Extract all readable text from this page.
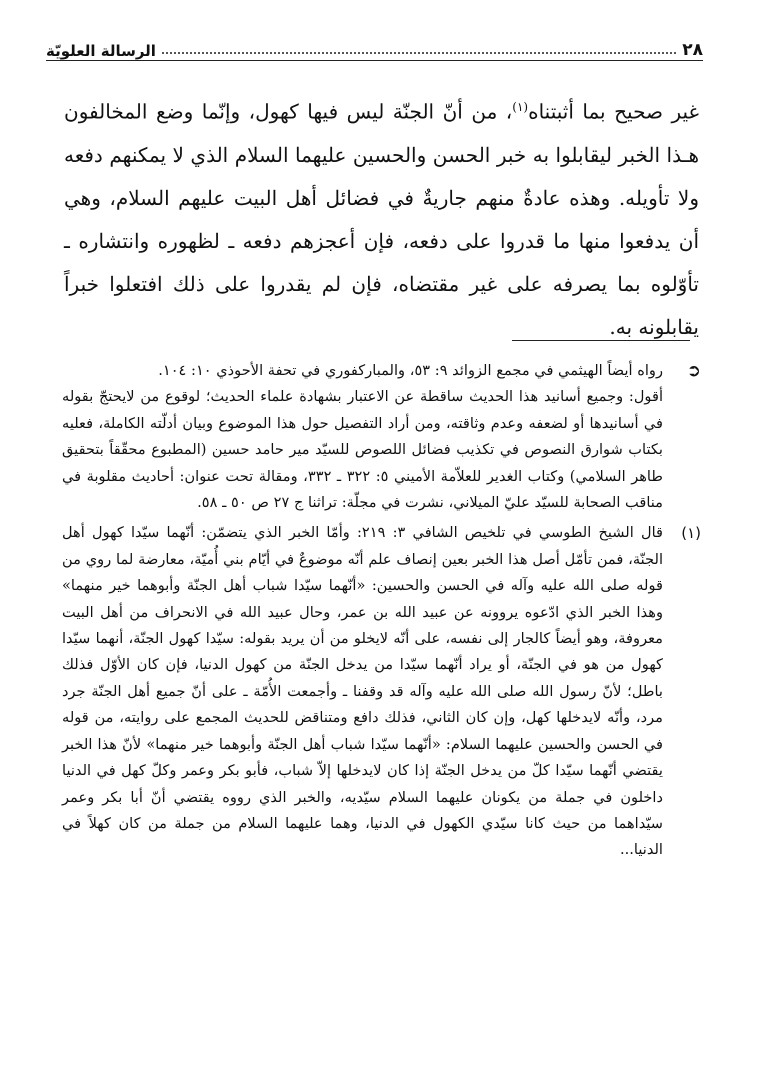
٢٨
الرسالة العلويّة

غير صحيح بما أثبتناه$^{(١)}$، من أنّ الجنّة ليس فيها كهول، وإنّما وضع المخالفون هـذا الخبر ليقابلوا به خبر الحسن والحسين عليهما السلام الذي لا يمكنهم دفعه ولا تأويله. وهذه عادةٌ منهم جاريةٌ في فضائل أهل البيت عليهم السلام، وهي أن يدفعوا منها ما قدروا على دفعه، فإن أعجزهم دفعه ـ لظهوره وانتشاره ـ تأوّلوه بما يصرفه على غير مقتضاه، فإن لم يقدروا على ذلك افتعلوا خبراً يقابلونه به.

➲

رواه أيضاً الهيثمي في مجمع الزوائد ٩: ٥٣، والمباركفوري في تحفة الأحوذي ١٠: ١٠٤.

أقول: وجميع أسانيد هذا الحديث ساقطة عن الاعتبار بشهادة علماء الحديث؛ لوقوع من لايحتجّ بقوله في أسانيدها أو لضعفه وعدم وثاقته، ومن أراد التفصيل حول هذا الموضوع وبيان أدلّته الكاملة، فعليه بكتاب شوارق النصوص في تكذيب فضائل اللصوص للسيّد مير حامد حسين (المطبوع محقّقاً بتحقيق طاهر السلامي) وكتاب الغدير للعلاّمة الأميني ٥: ٣٢٢ ـ ٣٣٢، ومقالة تحت عنوان: أحاديث مقلوبة في مناقب الصحابة للسيّد عليّ الميلاني، نشرت في مجلّة: تراثنا ج ٢٧ ص ٥٠ ـ ٥٨.

(١)

قال الشيخ الطوسي في تلخيص الشافي ٣: ٢١٩: وأمّا الخبر الذي يتضمّن: أنّهما سيّدا كهول أهل الجنّة، فمن تأمّل أصل هذا الخبر بعين إنصاف علم أنّه موضوعٌ في أيّام بني أُميّة، معارضة لما روي من قوله صلى الله عليه وآله في الحسن والحسين: «أنّهما سيّدا شباب أهل الجنّة وأبوهما خير منهما» وهذا الخبر الذي ادّعوه يروونه عن عبيد الله بن عمر، وحال عبيد الله في الانحراف من أهل البيت معروفة، وهو أيضاً كالجار إلى نفسه، على أنّه لايخلو من أن يريد بقوله: سيّدا كهول الجنّة، أنهما سيّدا كهول من هو في الجنّة، أو يراد أنّهما سيّدا من يدخل الجنّة من كهول الدنيا، فإن كان الأوّل فذلك باطل؛ لأنّ رسول الله صلى الله عليه وآله قد وقفنا ـ وأجمعت الأُمّة ـ على أنّ جميع أهل الجنّة جرد مرد، وأنّه لايدخلها كهل، وإن كان الثاني، فذلك دافع ومتناقض للحديث المجمع على روايته، من قوله في الحسن والحسين عليهما السلام: «أنّهما سيّدا شباب أهل الجنّة وأبوهما خير منهما» لأنّ هذا الخبر يقتضي أنّهما سيّدا كلّ من يدخل الجنّة إذا كان لايدخلها إلاّ شباب، فأبو بكر وعمر وكلّ كهل في الدنيا داخلون في جملة من يكونان عليهما السلام سيّديه، والخبر الذي رووه يقتضي أنّ أبا بكر وعمر سيّداهما من حيث كانا سيّدي الكهول في الدنيا، وهما عليهما السلام من جملة من كان كهلاً في الدنيا...
